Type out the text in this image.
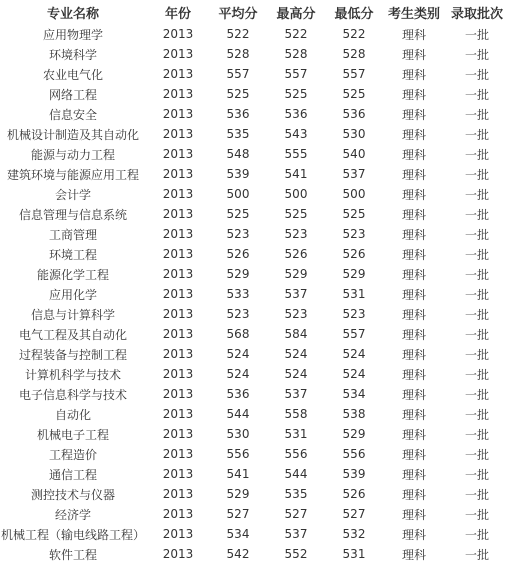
专业名称	年份	平均分	最高分	最低分	考生类别	录取批次
应用物理学	2013	522	522	522	理科	一批
环境科学	2013	528	528	528	理科	一批
农业电气化	2013	557	557	557	理科	一批
网络工程	2013	525	525	525	理科	一批
信息安全	2013	536	536	536	理科	一批
机械设计制造及其自动化	2013	535	543	530	理科	一批
能源与动力工程	2013	548	555	540	理科	一批
建筑环境与能源应用工程	2013	539	541	537	理科	一批
会计学	2013	500	500	500	理科	一批
信息管理与信息系统	2013	525	525	525	理科	一批
工商管理	2013	523	523	523	理科	一批
环境工程	2013	526	526	526	理科	一批
能源化学工程	2013	529	529	529	理科	一批
应用化学	2013	533	537	531	理科	一批
信息与计算科学	2013	523	523	523	理科	一批
电气工程及其自动化	2013	568	584	557	理科	一批
过程装备与控制工程	2013	524	524	524	理科	一批
计算机科学与技术	2013	524	524	524	理科	一批
电子信息科学与技术	2013	536	537	534	理科	一批
自动化	2013	544	558	538	理科	一批
机械电子工程	2013	530	531	529	理科	一批
工程造价	2013	556	556	556	理科	一批
通信工程	2013	541	544	539	理科	一批
测控技术与仪器	2013	529	535	526	理科	一批
经济学	2013	527	527	527	理科	一批
机械工程（输电线路工程）	2013	534	537	532	理科	一批
软件工程	2013	542	552	531	理科	一批
